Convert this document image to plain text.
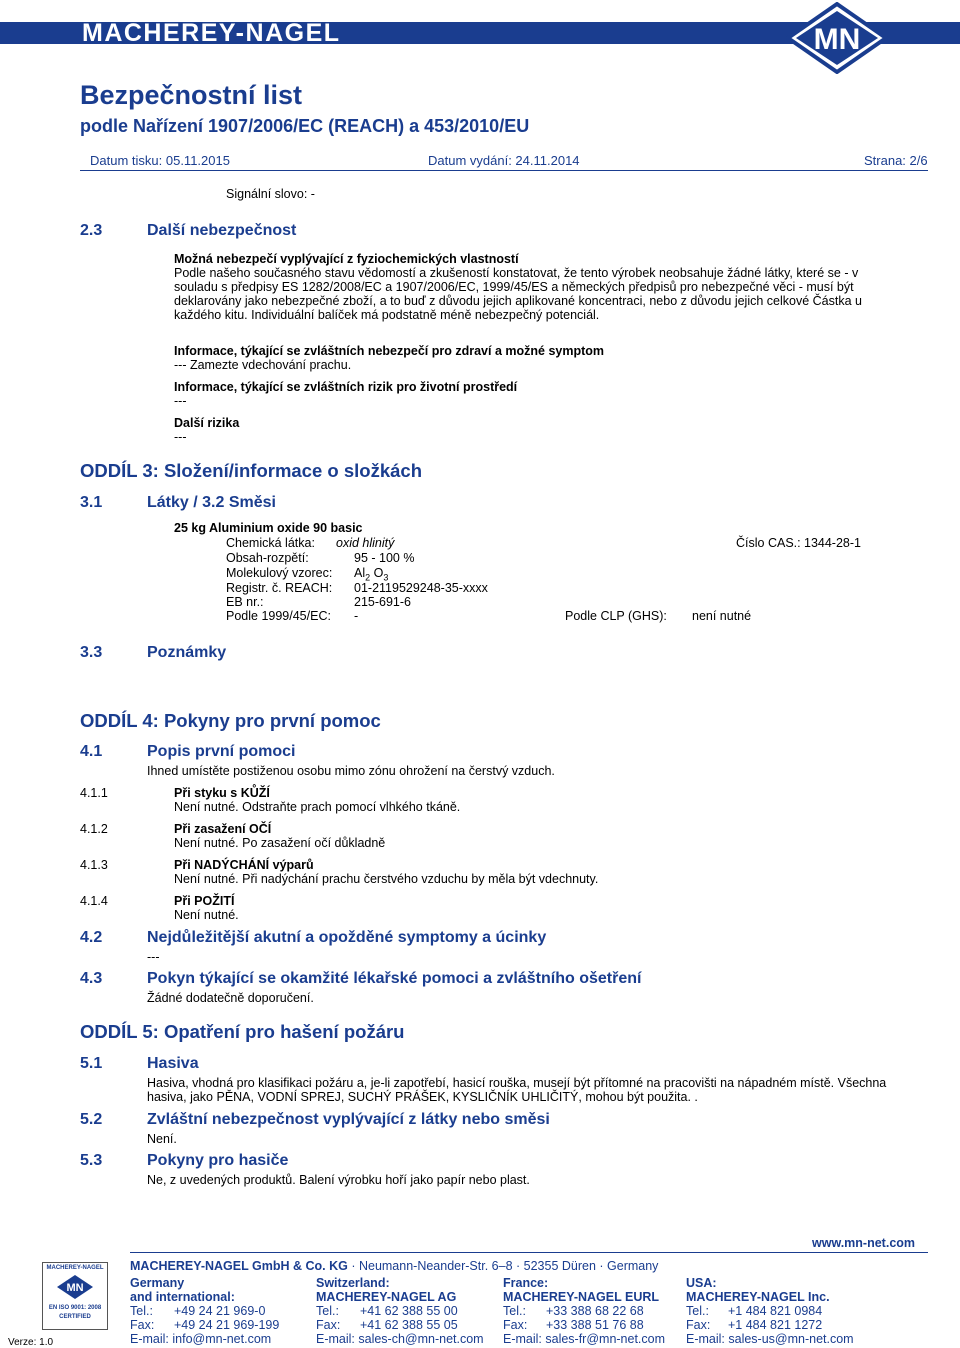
MACHEREY-NAGEL	MN
Bezpečnostní list
podle Nařízení 1907/2006/EC (REACH) a 453/2010/EU
Datum tisku: 05.11.2015	Datum vydání: 24.11.2014	Strana: 2/6
Signální slovo: -
2.3	Další nebezpečnost
Možná nebezpečí vyplývající z fyziochemických vlastností
Podle našeho současného stavu vědomostí a zkušeností konstatovat, že tento výrobek neobsahuje žádné látky, které se - v
souladu s předpisy ES 1282/2008/EC a 1907/2006/EC, 1999/45/ES a německých předpisů pro nebezpečné věci - musí být
deklarovány jako nebezpečné zboží, a to buď z důvodu jejich aplikované koncentraci, nebo z důvodu jejich celkové Částka u
každého kitu. Individuální balíček má podstatně méně nebezpečný potenciál.
Informace, týkající se zvláštních nebezpečí pro zdraví a možné symptom
--- Zamezte vdechování prachu.
Informace, týkající se zvláštních rizik pro životní prostředí
---
Další rizika
---
ODDÍL 3: Složení/informace o složkách
3.1	Látky / 3.2 Směsi
25 kg Aluminium oxide 90 basic
Chemická látka: oxid hlinitý	Číslo CAS.: 1344-28-1
Obsah-rozpětí:	95 - 100 %
Molekulový vzorec: $Al_2$ $O_3$
Registr. č. REACH: 01-2119529248-35-xxxx
EB nr.:	215-691-6
Podle 1999/45/EC: -	Podle CLP (GHS): není nutné
3.3	Poznámky
ODDÍL 4: Pokyny pro první pomoc
4.1	Popis první pomoci
Ihned umístěte postiženou osobu mimo zónu ohrožení na čerstvý vzduch.
4.1.1	Při styku s KŮŽÍ
Není nutné. Odstraňte prach pomocí vlhkého tkáně.
4.1.2	Při zasažení OČÍ
Není nutné. Po zasažení očí důkladně
4.1.3	Při NADÝCHÁNÍ výparů
Není nutné. Při nadýchání prachu čerstvého vzduchu by měla být vdechnuty.
4.1.4	Při POŽITÍ
Není nutné.
4.2	Nejdůležitější akutní a opožděné symptomy a úcinky
---
4.3	Pokyn týkající se okamžité lékařské pomoci a zvláštního ošetření
Žádné dodatečně doporučení.
ODDÍL 5: Opatření pro hašení požáru
5.1	Hasiva
Hasiva, vhodná pro klasifikaci požáru a, je-li zapotřebí, hasicí rouška, musejí být přítomné na pracovišti na nápadném místě. Všechna
hasiva, jako PĚNA, VODNÍ SPREJ, SUCHÝ PRÁŠEK, KYSLIČNÍK UHLIČITÝ, mohou být použita. .
5.2	Zvláštní nebezpečnost vyplývající z látky nebo směsi
Není.
5.3	Pokyny pro hasiče
Ne, z uvedených produktů. Balení výrobku hoří jako papír nebo plast.
www.mn-net.com
MACHEREY-NAGEL GmbH & Co. KG · Neumann-Neander-Str. 6–8 · 52355 Düren · Germany
MACHEREY-NAGEL
MN
EN ISO 9001: 2008
CERTIFIED
Verze: 1.0
Germany
and international:
Tel.: +49 24 21 969-0
Fax: +49 24 21 969-199
E-mail: info@mn-net.com
Switzerland:
MACHEREY-NAGEL AG
Tel.: +41 62 388 55 00
Fax: +41 62 388 55 05
E-mail: sales-ch@mn-net.com
France:
MACHEREY-NAGEL EURL
Tel.: +33 388 68 22 68
Fax: +33 388 51 76 88
E-mail: sales-fr@mn-net.com
USA:
MACHEREY-NAGEL Inc.
Tel.: +1 484 821 0984
Fax: +1 484 821 1272
E-mail: sales-us@mn-net.com
